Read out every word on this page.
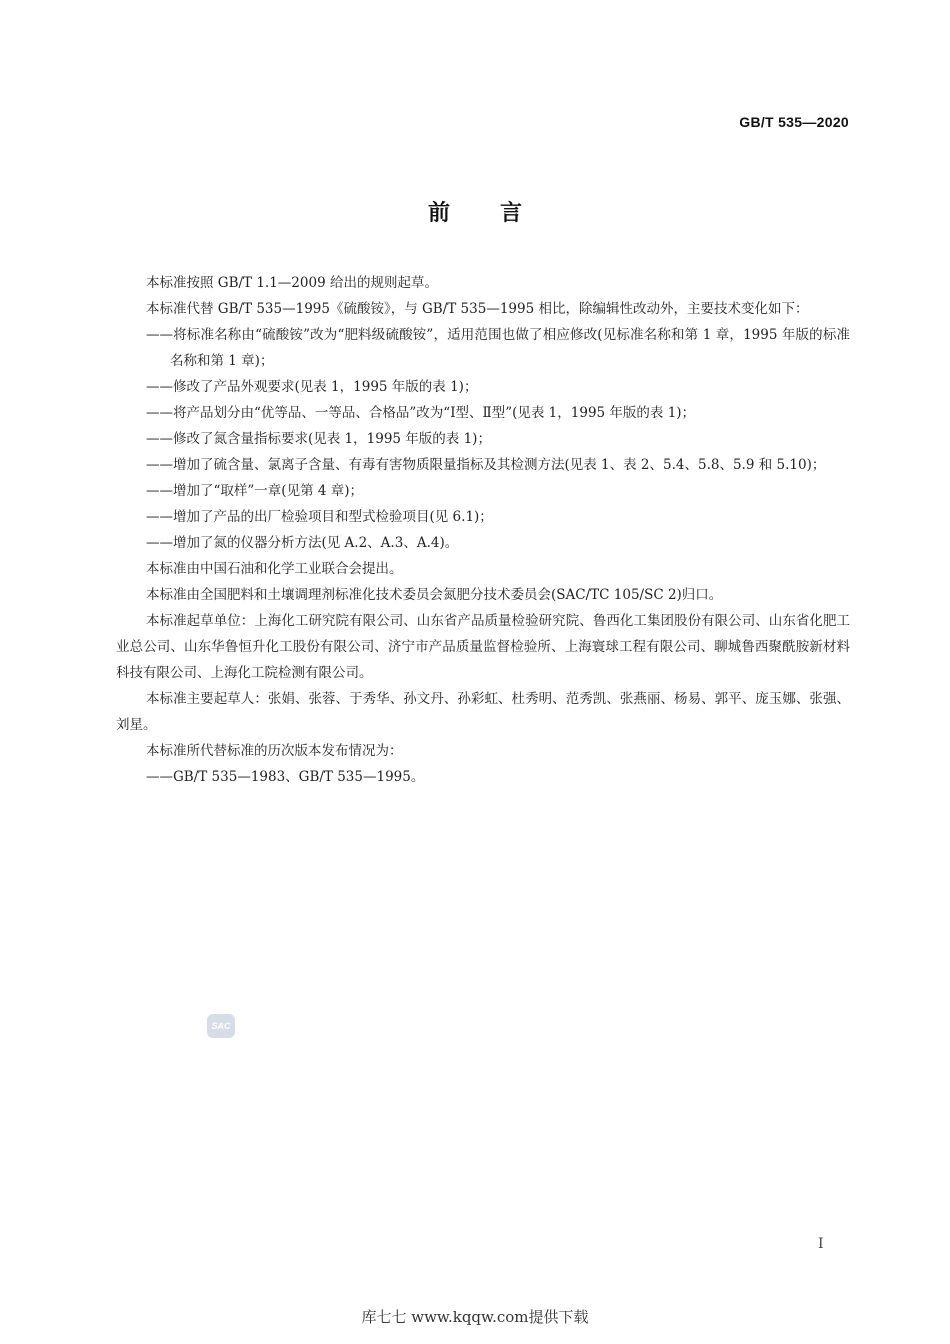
GB/T 535—2020
前言

本标准按照 GB/T 1.1—2009 给出的规则起草。

本标准代替 GB/T 535—1995《硫酸铵》，与 GB/T 535—1995 相比，除编辑性改动外，主要技术变化如下：

——将标准名称由“硫酸铵”改为“肥料级硫酸铵”，适用范围也做了相应修改(见标准名称和第 1 章，1995 年版的标准名称和第 1 章)；

——修改了产品外观要求(见表 1，1995 年版的表 1)；

——将产品划分由“优等品、一等品、合格品”改为“Ⅰ型、Ⅱ型”(见表 1，1995 年版的表 1)；

——修改了氮含量指标要求(见表 1，1995 年版的表 1)；

——增加了硫含量、氯离子含量、有毒有害物质限量指标及其检测方法(见表 1、表 2、5.4、5.8、5.9 和 5.10)；

——增加了“取样”一章(见第 4 章)；

——增加了产品的出厂检验项目和型式检验项目(见 6.1)；

——增加了氮的仪器分析方法(见 A.2、A.3、A.4)。

本标准由中国石油和化学工业联合会提出。

本标准由全国肥料和土壤调理剂标准化技术委员会氮肥分技术委员会(SAC/TC 105/SC 2)归口。

本标准起草单位：上海化工研究院有限公司、山东省产品质量检验研究院、鲁西化工集团股份有限公司、山东省化肥工业总公司、山东华鲁恒升化工股份有限公司、济宁市产品质量监督检验所、上海寰球工程有限公司、聊城鲁西聚酰胺新材料科技有限公司、上海化工院检测有限公司。

本标准主要起草人：张娟、张蓉、于秀华、孙文丹、孙彩虹、杜秀明、范秀凯、张燕丽、杨易、郭平、庞玉娜、张强、刘星。

本标准所代替标准的历次版本发布情况为：

——GB/T 535—1983、GB/T 535—1995。

SAC
I
库七七 www.kqqw.com提供下载
